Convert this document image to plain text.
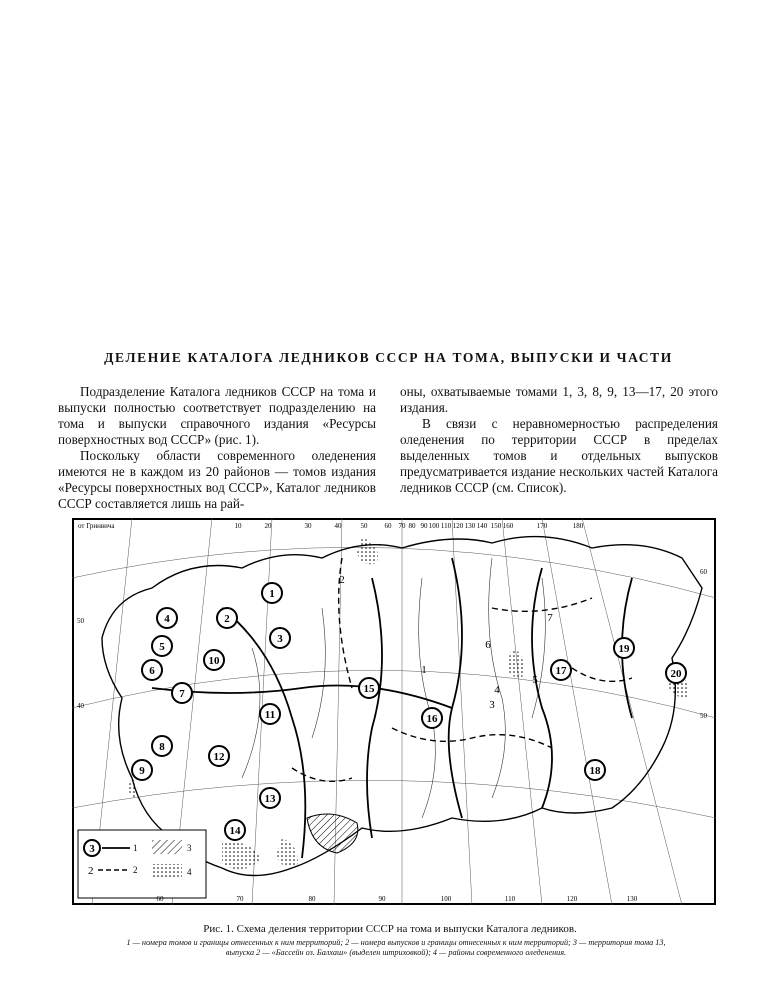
ДЕЛЕНИЕ КАТАЛОГА ЛЕДНИКОВ СССР НА ТОМА, ВЫПУСКИ И ЧАСТИ

Подразделение Каталога ледников СССР на тома и выпуски полностью соответствует подразделению на тома и выпуски справочного издания «Ресурсы поверхностных вод СССР» (рис. 1).

Поскольку области современного оледенения имеются не в каждом из 20 районов — томов издания «Ресурсы поверхностных вод СССР», Каталог ледников СССР составляется лишь на рай-

оны, охватываемые томами 1, 3, 8, 9, 13—17, 20 этого издания.

В связи с неравномерностью распределения оледенения по территории СССР в пределах выделенных томов и отдельных выпусков предусматривается издание нескольких частей Каталога ледников СССР (см. Список).

3	1
2	2
3
4
10	20	30	40	50 60 70 80 90 100 110 120 130 140 150 160	170	180
60	70	80	90	100	110	120	130
50
40
60
50
1
2
3
4
5
6
7
8
9
10
11
12
13
14
15
16
17
18
19
20
1
2
3
4
5
6
7
от Гринвича
Рис. 1. Схема деления территории СССР на тома и выпуски Каталога ледников.
1 — номера томов и границы отнесенных к ним территорий; 2 — номера выпусков и границы отнесенных к ним территорий; 3 — территория тома 13, выпуска 2 — «Бассейн оз. Балхаш» (выделен штриховкой); 4 — районы современного оледенения.
